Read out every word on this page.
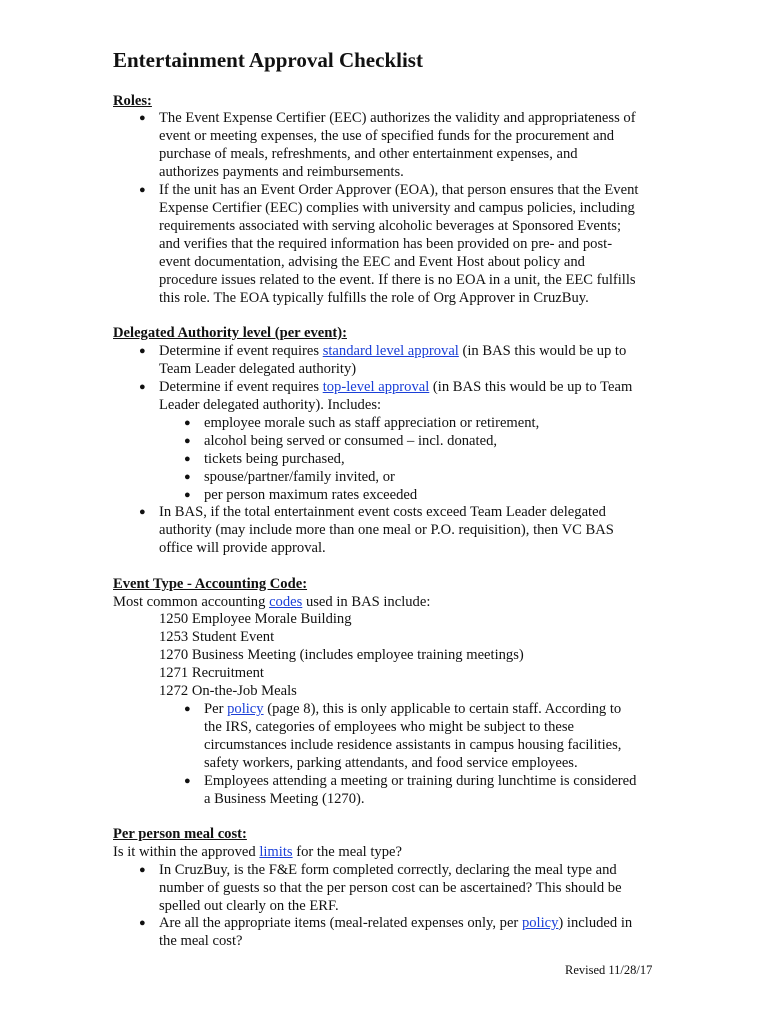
Entertainment Approval Checklist
Roles:
● The Event Expense Certifier (EEC) authorizes the validity and appropriateness of
event or meeting expenses, the use of specified funds for the procurement and
purchase of meals, refreshments, and other entertainment expenses, and
authorizes payments and reimbursements.
● If the unit has an Event Order Approver (EOA), that person ensures that the Event
Expense Certifier (EEC) complies with university and campus policies, including
requirements associated with serving alcoholic beverages at Sponsored Events;
and verifies that the required information has been provided on pre- and post-
event documentation, advising the EEC and Event Host about policy and
procedure issues related to the event. If there is no EOA in a unit, the EEC fulfills
this role. The EOA typically fulfills the role of Org Approver in CruzBuy.
Delegated Authority level (per event):
● Determine if event requires standard level approval (in BAS this would be up to
Team Leader delegated authority)
● Determine if event requires top-level approval (in BAS this would be up to Team
Leader delegated authority). Includes:
● employee morale such as staff appreciation or retirement,
● alcohol being served or consumed – incl. donated,
● tickets being purchased,
● spouse/partner/family invited, or
● per person maximum rates exceeded
● In BAS, if the total entertainment event costs exceed Team Leader delegated
authority (may include more than one meal or P.O. requisition), then VC BAS
office will provide approval.
Event Type - Accounting Code:
Most common accounting codes used in BAS include:
1250 Employee Morale Building
1253 Student Event
1270 Business Meeting (includes employee training meetings)
1271 Recruitment
1272 On-the-Job Meals
● Per policy (page 8), this is only applicable to certain staff. According to
the IRS, categories of employees who might be subject to these
circumstances include residence assistants in campus housing facilities,
safety workers, parking attendants, and food service employees.
● Employees attending a meeting or training during lunchtime is considered
a Business Meeting (1270).
Per person meal cost:
Is it within the approved limits for the meal type?
● In CruzBuy, is the F&E form completed correctly, declaring the meal type and
number of guests so that the per person cost can be ascertained? This should be
spelled out clearly on the ERF.
● Are all the appropriate items (meal-related expenses only, per policy) included in
the meal cost?
Revised 11/28/17
